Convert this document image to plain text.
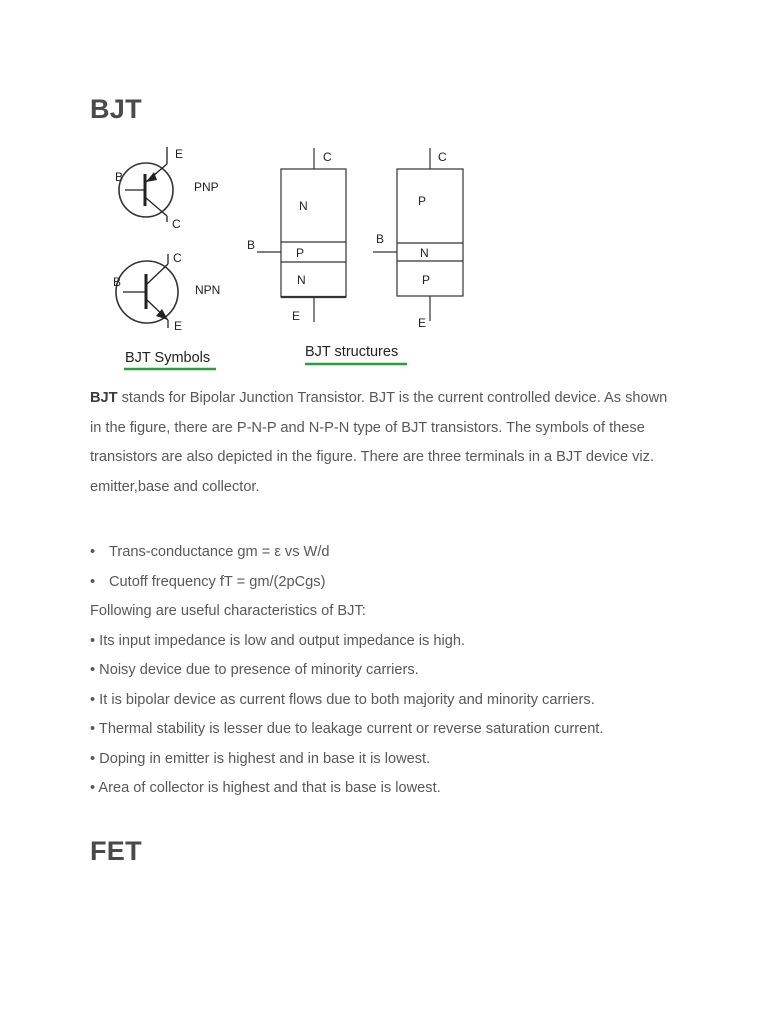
BJT
E
B
PNP
C
C
B
NPN
E
BJT Symbols
C
N
B
P
N
E
C
P
B
N
P
E
BJT structures

BJT stands for Bipolar Junction Transistor. BJT is the current controlled device. As shown in the figure, there are P-N-P and N-P-N type of BJT transistors. The symbols of these transistors are also depicted in the figure. There are three terminals in a BJT device viz. emitter,base and collector.

• Trans-conductance gm = ε vs W/d
• Cutoff frequency fT = gm/(2pCgs)
Following are useful characteristics of BJT:
• Its input impedance is low and output impedance is high.
• Noisy device due to presence of minority carriers.
• It is bipolar device as current flows due to both majority and minority carriers.
• Thermal stability is lesser due to leakage current or reverse saturation current.
• Doping in emitter is highest and in base it is lowest.
• Area of collector is highest and that is base is lowest.
FET
